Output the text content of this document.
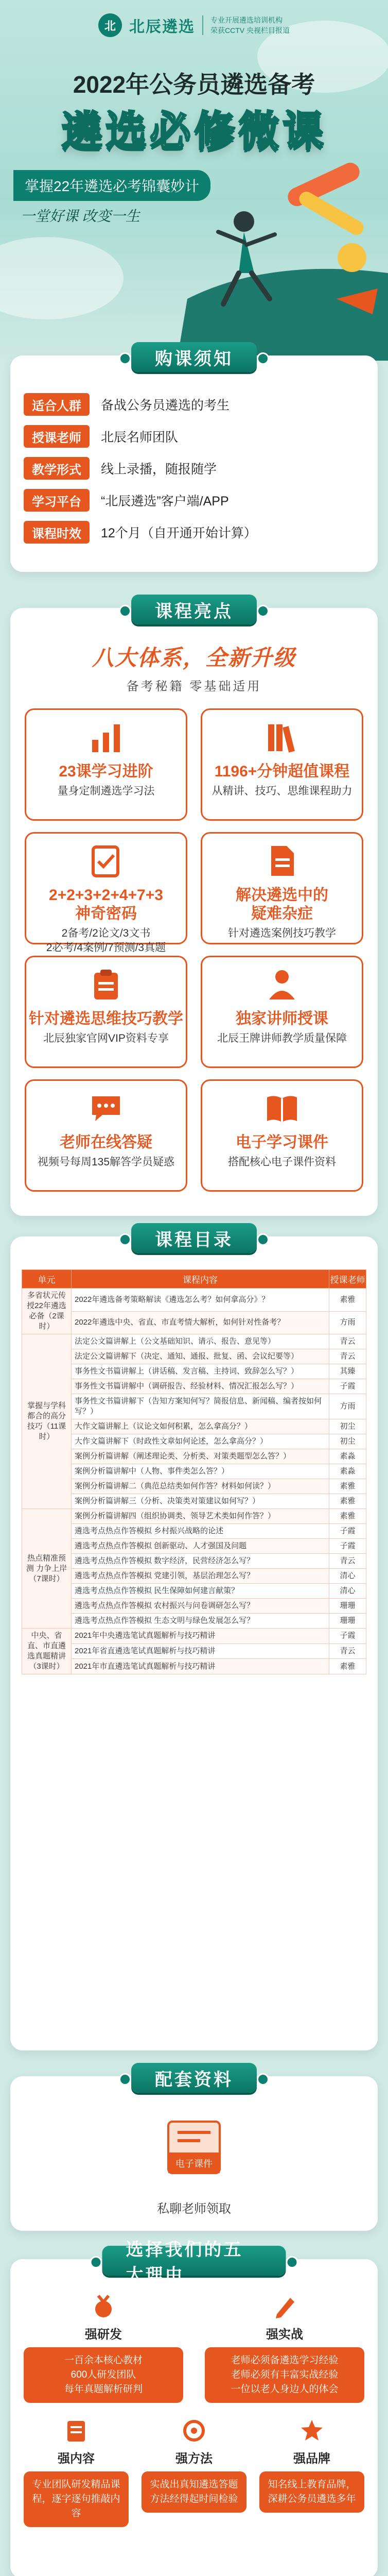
北 北辰遴选 专业开展遴选培训机构
荣获CCTV 央视栏目报道
2022年公务员遴选备考
遴选必修微课
掌握22年遴选必考锦囊妙计
一堂好课 改变一生
购课须知
适合人群	备战公务员遴选的考生
授课老师	北辰名师团队
教学形式	线上录播，随报随学
学习平台	“北辰遴选”客户端/APP
课程时效	12个月（自开通开始计算）
课程亮点
八大体系，全新升级
备考秘籍 零基础适用
23课学习进阶
量身定制遴选学习法
1196+分钟超值课程
从精讲、技巧、思维课程助力
2+2+3+2+4+7+3
神奇密码
2备考/2论文/3文书
2必考/4案例/7预测/3真题
解决遴选中的
疑难杂症
针对遴选案例技巧教学
针对遴选思维技巧教学
北辰独家官网VIP资料专享
独家讲师授课
北辰王牌讲师教学质量保障
老师在线答疑
视频号每周135解答学员疑惑
电子学习课件
搭配核心电子课件资料
课程目录
单元	课程内容	授课老师
多省状元传授22年遴选必备（2课时）	2022年遴选备考策略解读《遴选怎么考？如何拿高分》？	素雅
	2022年遴选中央、省直、市直考情大解析，如何针对性备考？	方雨
掌握与学科都合的高分技巧（11课时）	法定公文篇讲解上（公文基础知识、请示、报告、意见等）	青云
	法定公文篇讲解下（决定、通知、通报、批复、函、会议纪要等）	青云
	事务性文书篇讲解上（讲话稿、发言稿、主持词、致辞怎么写？）	其臻
	事务性文书篇讲解中（调研报告、经验材料、情况汇报怎么写？）	子霞
	事务性文书篇讲解下（告知方案知何写？简报信息、新闻稿、编者按如何写？）	方雨
	大作文篇讲解上（议论文如何积累，怎么拿高分？）	初尘
	大作文篇讲解下（时政性文章如何论述，怎么拿高分？）	初尘
	案例分析篇讲解（阐述理论类、分析类、对策类题型怎么答？）	素淼
	案例分析篇讲解中（人物、事件类怎么答？）	素淼
	案例分析篇讲解二（典范总结类如何作答？材料如何读？）	素雅
	案例分析篇讲解三（分析、决策类对策建议如何写？）	素雅
热点精准预测 力争上岸（7课时）	案例分析篇讲解四（组织协调类、领导艺术类如何作答？）	素雅
	遴选考点热点作答模拟 乡村振兴战略的论述	子霞
	遴选考点热点作答模拟 创新驱动、人才强国及问题	子霞
	遴选考点热点作答模拟 数字经济，民营经济怎么写？	青云
	遴选考点热点作答模拟 党建引领，基层治理怎么写？	清心
	遴选考点热点作答模拟 民生保障如何建言献策？	清心
	遴选考点热点作答模拟 农村振兴与问卷调研怎么写？	珊珊
	遴选考点热点作答模拟 生态文明与绿色发展怎么写？	珊珊
中央、省直、市直遴选真题精讲（3课时）	2021年中央遴选笔试真题解析与技巧精讲	子霞
	2021年省直遴选笔试真题解析与技巧精讲	青云
	2021年市直遴选笔试真题解析与技巧精讲	素雅
配套资料
电子课件
私聊老师领取
选择我们的五大理由
强研发
一百余本核心教材
600人研发团队
每年真题解析研判
强实战
老师必须备遴选学习经验
老师必须有丰富实战经验
一位以老人身边人的体会
强内容
专业团队研发精品课程，逐字逐句推敲内容
强方法
实战出真知遴选答题方法经得起时间检验
强品牌
知名线上教育品牌，深耕公务员遴选多年
